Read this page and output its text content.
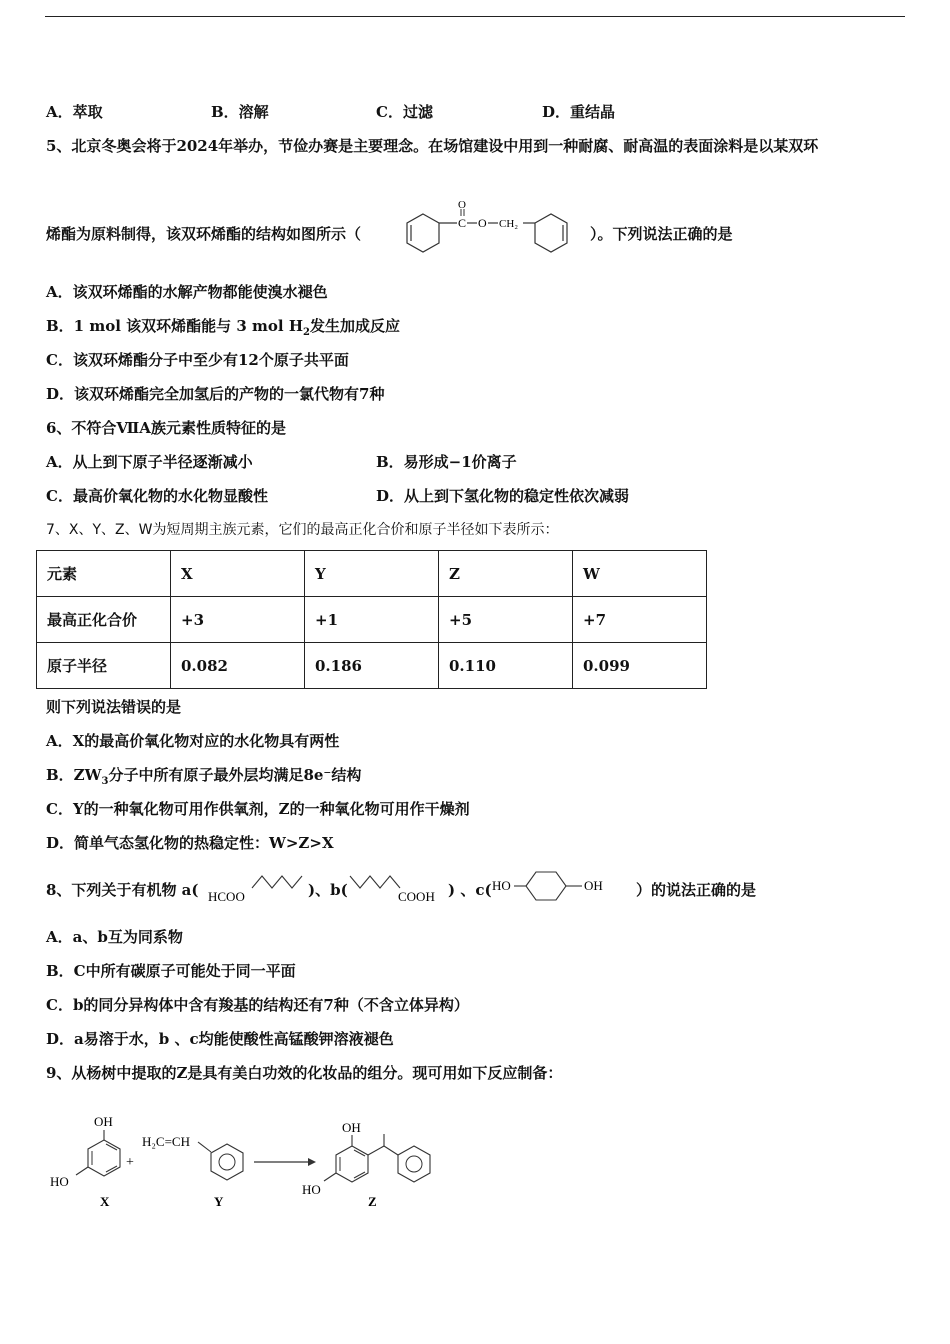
A．萃取	B．溶解	C．过滤	D．重结晶
5、北京冬奥会将于2024年举办，节俭办赛是主要理念。在场馆建设中用到一种耐腐、耐高温的表面涂料是以某双环
烯酯为原料制得，该双环烯酯的结构如图所示（
C
O
O CH₂
）。下列说法正确的是
A．该双环烯酯的水解产物都能使溴水褪色
B．1 mol 该双环烯酯能与 3 mol $H_2$发生加成反应
C．该双环烯酯分子中至少有12个原子共平面
D．该双环烯酯完全加氢后的产物的一氯代物有7种
6、不符合ⅦA族元素性质特征的是
A．从上到下原子半径逐渐减小	B．易形成−1价离子
C．最高价氧化物的水化物显酸性	D．从上到下氢化物的稳定性依次减弱
7、X、Y、Z、W为短周期主族元素，它们的最高正化合价和原子半径如下表所示：
元素	X	Y	Z	W
最高正化合价	+3	+1	+5	+7
原子半径	0.082	0.186	0.110	0.099
则下列说法错误的是
A．X的最高价氧化物对应的水化物具有两性
B．$ZW_3$分子中所有原子最外层均满足8e⁻结构
C．Y的一种氧化物可用作供氧剂，Z的一种氧化物可用作干燥剂
D．简单气态氢化物的热稳定性：W>Z>X
8、下列关于有机物 a( HCOO	)、b(	COOH ) 、c( HO	OH ）的说法正确的是
A．a、b互为同系物
B．C中所有碳原子可能处于同一平面
C．b的同分异构体中含有羧基的结构还有7种（不含立体异构）
D．a易溶于水，b 、c均能使酸性高锰酸钾溶液褪色
9、从杨树中提取的Z是具有美白功效的化妆品的组分。现可用如下反应制备：
OH
HO
X
+
H₂C=CH
Y
OH
HO
Z
